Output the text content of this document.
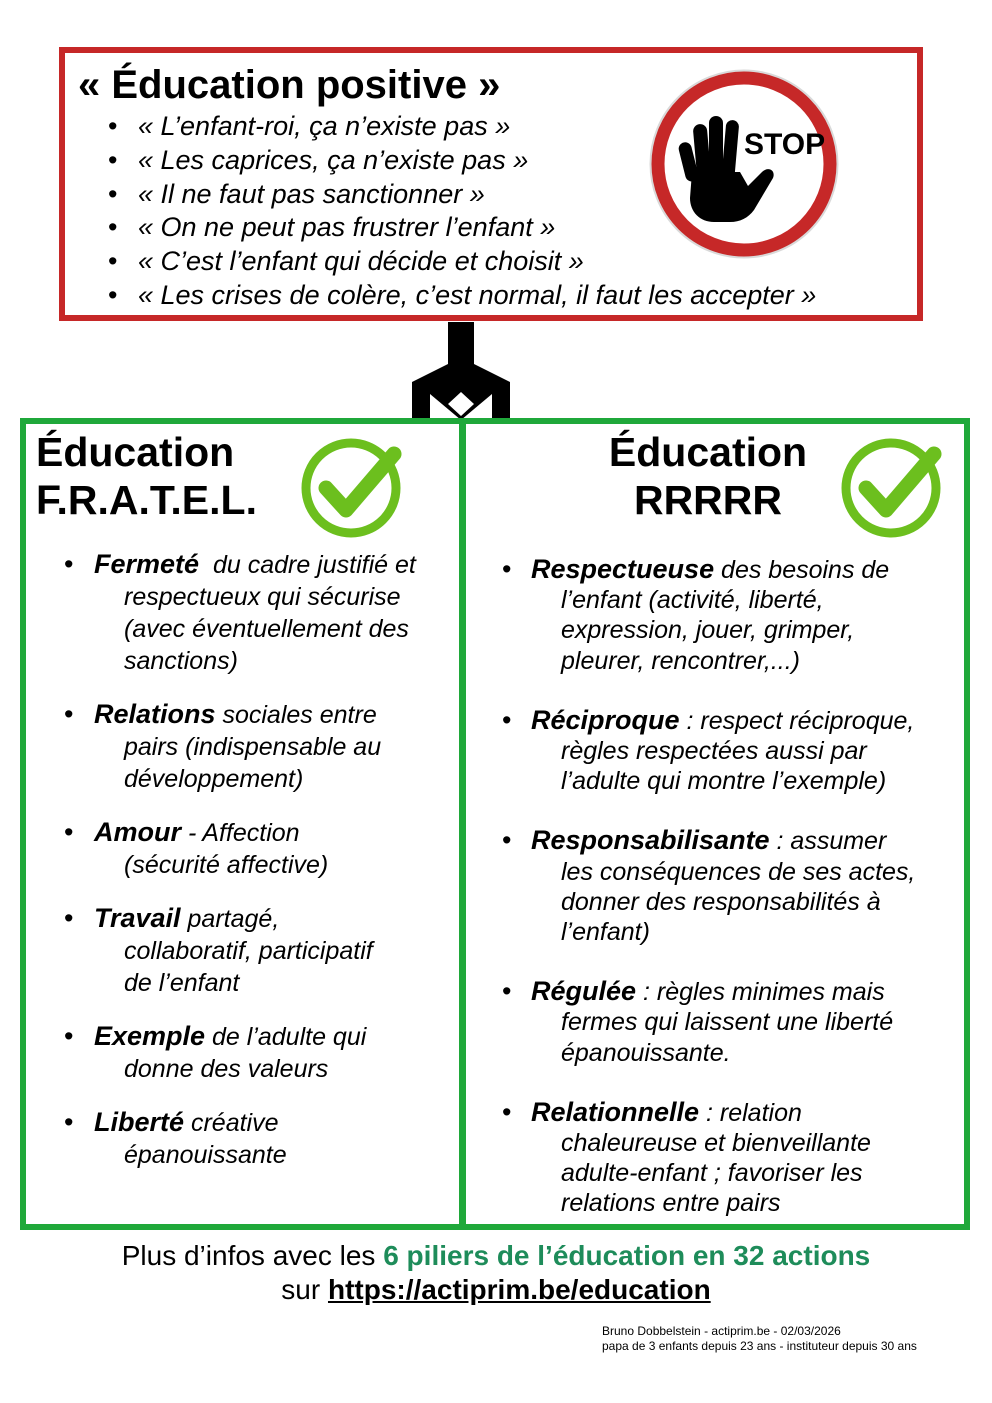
« Éducation positive »
• « L’enfant-roi, ça n’existe pas »
• « Les caprices, ça n’existe pas »
• « Il ne faut pas sanctionner »
• « On ne peut pas frustrer l’enfant »
• « C’est l’enfant qui décide et choisit »
• « Les crises de colère, c’est normal, il faut les accepter »
STOP
Éducation
F.R.A.T.E.L.
Éducation
RRRRR
• Fermeté  du cadre justifié et
respectueux qui sécurise
(avec éventuellement des
sanctions)
• Relations sociales entre
pairs (indispensable au
développement)
• Amour - Affection
(sécurité affective)
• Travail partagé,
collaboratif, participatif
de l’enfant
• Exemple de l’adulte qui
donne des valeurs
• Liberté créative
épanouissante
• Respectueuse des besoins de
l’enfant (activité, liberté,
expression, jouer, grimper,
pleurer, rencontrer,...)
• Réciproque : respect réciproque,
règles respectées aussi par
l’adulte qui montre l’exemple)
• Responsabilisante : assumer
les conséquences de ses actes,
donner des responsabilités à
l’enfant)
• Régulée : règles minimes mais
fermes qui laissent une liberté
épanouissante.
• Relationnelle : relation
chaleureuse et bienveillante
adulte-enfant ; favoriser les
relations entre pairs
Plus d’infos avec les 6 piliers de l’éducation en 32 actions
sur https://actiprim.be/education
Bruno Dobbelstein - actiprim.be - 02/03/2026
papa de 3 enfants depuis 23 ans - instituteur depuis 30 ans
